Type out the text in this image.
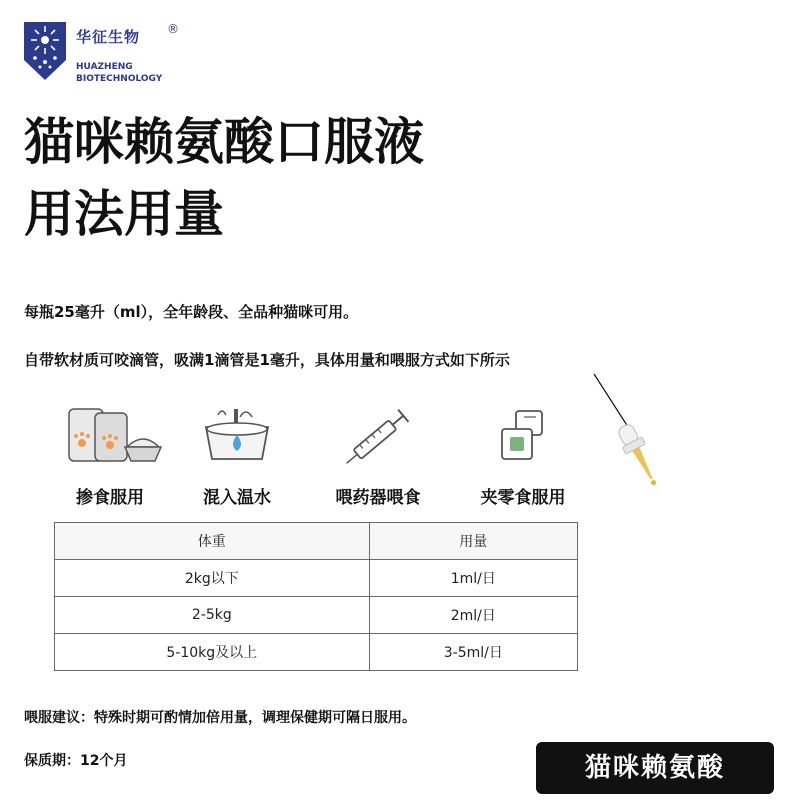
华征生物 ®
HUAZHENG
BIOTECHNOLOGY
猫咪赖氨酸口服液
用法用量
每瓶25毫升（ml），全年龄段、全品种猫咪可用。
自带软材质可咬滴管，吸满1滴管是1毫升，具体用量和喂服方式如下所示
掺食服用	混入温水	喂药器喂食	夹零食服用
体重	用量
2kg以下	1ml/日
2-5kg	2ml/日
5-10kg及以上	3-5ml/日
喂服建议：特殊时期可酌情加倍用量，调理保健期可隔日服用。
保质期：12个月	猫咪赖氨酸
